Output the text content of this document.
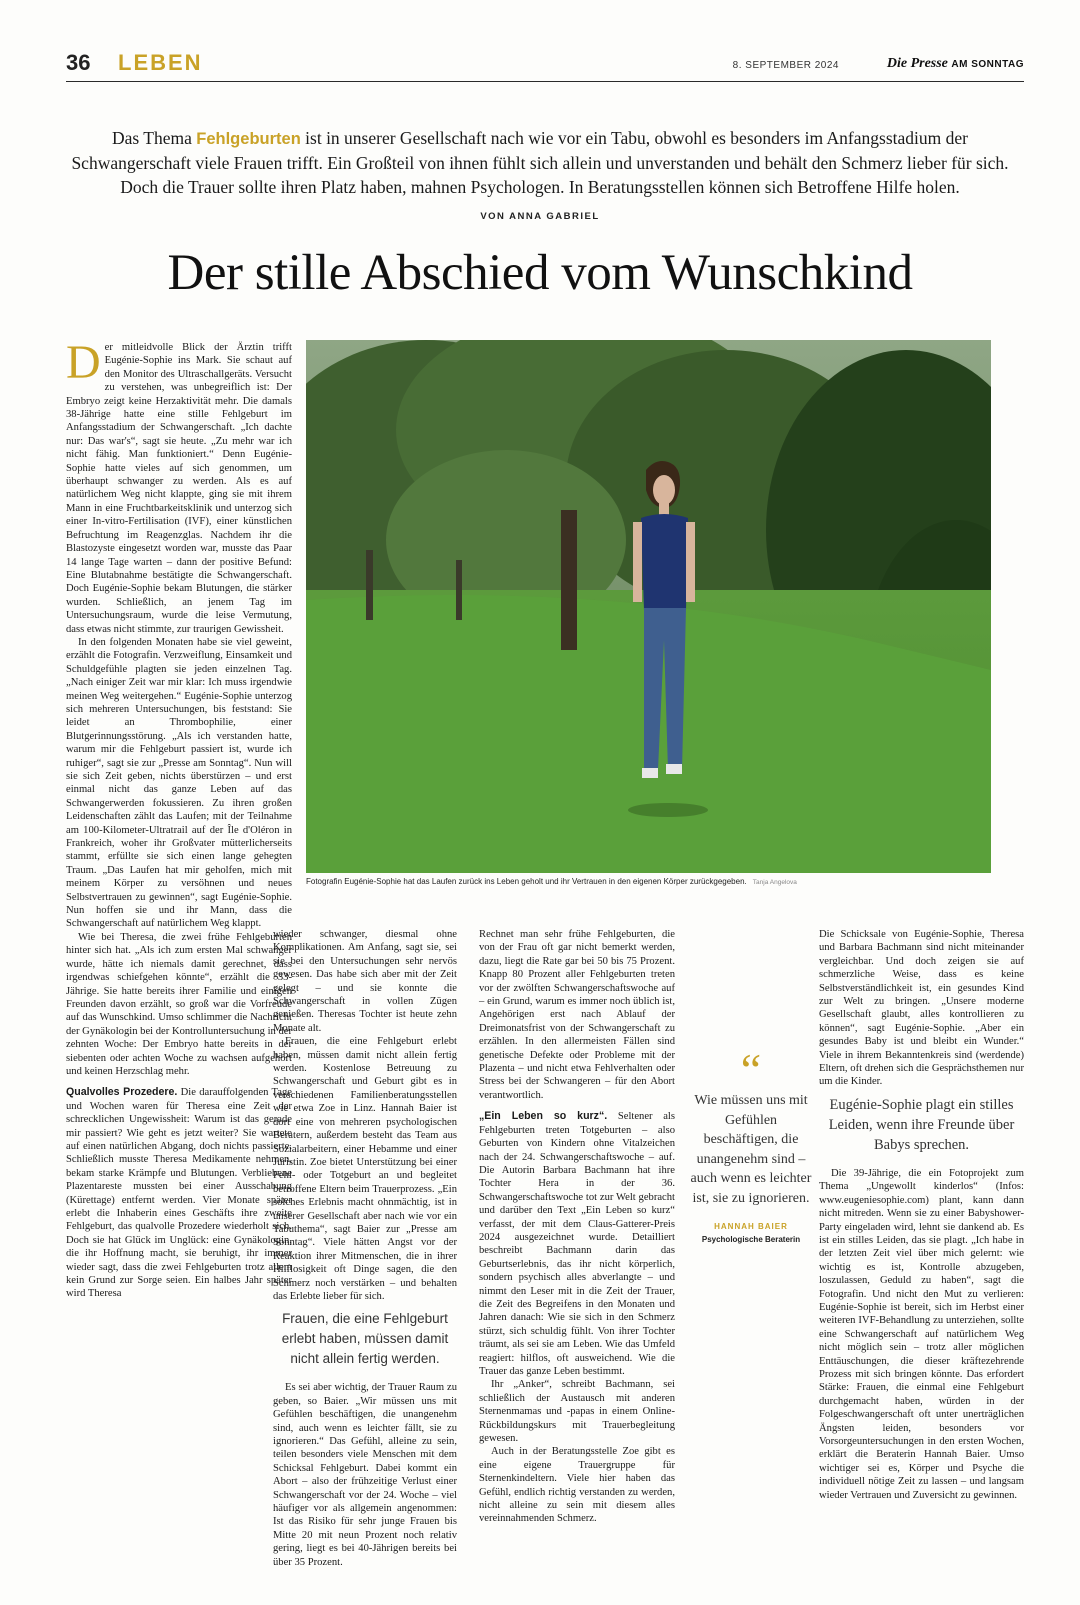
36 LEBEN	8. SEPTEMBER 2024	Die Presse AM SONNTAG
Das Thema Fehlgeburten ist in unserer Gesellschaft nach wie vor ein Tabu, obwohl es besonders im Anfangsstadium der Schwangerschaft viele Frauen trifft. Ein Großteil von ihnen fühlt sich allein und unverstanden und behält den Schmerz lieber für sich. Doch die Trauer sollte ihren Platz haben, mahnen Psychologen. In Beratungsstellen können sich Betroffene Hilfe holen.
VON ANNA GABRIEL
Der stille Abschied vom Wunschkind
Fotografin Eugénie-Sophie hat das Laufen zurück ins Leben geholt und ihr Vertrauen in den eigenen Körper zurückgegeben. Tanja Angelova

Der mitleidvolle Blick der Ärztin trifft Eugénie-Sophie ins Mark. Sie schaut auf den Monitor des Ultraschallgeräts. Versucht zu verstehen, was unbegreiflich ist: Der Embryo zeigt keine Herzaktivität mehr. Die damals 38-Jährige hatte eine stille Fehlgeburt im Anfangsstadium der Schwangerschaft. „Ich dachte nur: Das war's“, sagt sie heute. „Zu mehr war ich nicht fähig. Man funktioniert.“ Denn Eugénie-Sophie hatte vieles auf sich genommen, um überhaupt schwanger zu werden. Als es auf natürlichem Weg nicht klappte, ging sie mit ihrem Mann in eine Fruchtbarkeitsklinik und unterzog sich einer In-vitro-Fertilisation (IVF), einer künstlichen Befruchtung im Reagenzglas. Nachdem ihr die Blastozyste eingesetzt worden war, musste das Paar 14 lange Tage warten – dann der positive Befund: Eine Blutabnahme bestätigte die Schwangerschaft. Doch Eugénie-Sophie bekam Blutungen, die stärker wurden. Schließlich, an jenem Tag im Untersuchungsraum, wurde die leise Vermutung, dass etwas nicht stimmte, zur traurigen Gewissheit.

In den folgenden Monaten habe sie viel geweint, erzählt die Fotografin. Verzweiflung, Einsamkeit und Schuldgefühle plagten sie jeden einzelnen Tag. „Nach einiger Zeit war mir klar: Ich muss irgendwie meinen Weg weitergehen.“ Eugénie-Sophie unterzog sich mehreren Untersuchungen, bis feststand: Sie leidet an Thrombophilie, einer Blutgerinnungsstörung. „Als ich verstanden hatte, warum mir die Fehlgeburt passiert ist, wurde ich ruhiger“, sagt sie zur „Presse am Sonntag“. Nun will sie sich Zeit geben, nichts überstürzen – und erst einmal nicht das ganze Leben auf das Schwangerwerden fokussieren. Zu ihren großen Leidenschaften zählt das Laufen; mit der Teilnahme am 100-Kilometer-Ultratrail auf der Île d'Oléron in Frankreich, woher ihr Großvater mütterlicherseits stammt, erfüllte sie sich einen lange gehegten Traum. „Das Laufen hat mir geholfen, mich mit meinem Körper zu versöhnen und neues Selbstvertrauen zu gewinnen“, sagt Eugénie-Sophie. Nun hoffen sie und ihr Mann, dass die Schwangerschaft auf natürlichem Weg klappt.

Wie bei Theresa, die zwei frühe Fehlgeburten hinter sich hat. „Als ich zum ersten Mal schwanger wurde, hätte ich niemals damit gerechnet, dass irgendwas schiefgehen könnte“, erzählt die 33-Jährige. Sie hatte bereits ihrer Familie und einigen Freunden davon erzählt, so groß war die Vorfreude auf das Wunschkind. Umso schlimmer die Nachricht der Gynäkologin bei der Kontrolluntersuchung in der zehnten Woche: Der Embryo hatte bereits in der siebenten oder achten Woche zu wachsen aufgehört und keinen Herzschlag mehr.

Qualvolles Prozedere. Die darauffolgenden Tage und Wochen waren für Theresa eine Zeit der schrecklichen Ungewissheit: Warum ist das gerade mir passiert? Wie geht es jetzt weiter? Sie wartete auf einen natürlichen Abgang, doch nichts passierte. Schließlich musste Theresa Medikamente nehmen, bekam starke Krämpfe und Blutungen. Verbliebene Plazentareste mussten bei einer Ausschabung (Kürettage) entfernt werden. Vier Monate später erlebt die Inhaberin eines Geschäfts ihre zweite Fehlgeburt, das qualvolle Prozedere wiederholt sich. Doch sie hat Glück im Unglück: eine Gynäkologin, die ihr Hoffnung macht, sie beruhigt, ihr immer wieder sagt, dass die zwei Fehlgeburten trotz allem kein Grund zur Sorge seien. Ein halbes Jahr später wird Theresa

wieder schwanger, diesmal ohne Komplikationen. Am Anfang, sagt sie, sei sie bei den Untersuchungen sehr nervös gewesen. Das habe sich aber mit der Zeit gelegt – und sie konnte die Schwangerschaft in vollen Zügen genießen. Theresas Tochter ist heute zehn Monate alt.

Frauen, die eine Fehlgeburt erlebt haben, müssen damit nicht allein fertig werden. Kostenlose Betreuung zu Schwangerschaft und Geburt gibt es in verschiedenen Familienberatungsstellen wie etwa Zoe in Linz. Hannah Baier ist dort eine von mehreren psychologischen Beratern, außerdem besteht das Team aus Sozialarbeitern, einer Hebamme und einer Juristin. Zoe bietet Unterstützung bei einer Fehl- oder Totgeburt an und begleitet betroffene Eltern beim Trauerprozess. „Ein solches Erlebnis macht ohnmächtig, ist in unserer Gesellschaft aber nach wie vor ein Tabuthema“, sagt Baier zur „Presse am Sonntag“. Viele hätten Angst vor der Reaktion ihrer Mitmenschen, die in ihrer Hilflosigkeit oft Dinge sagen, die den Schmerz noch verstärken – und behalten das Erlebte lieber für sich.

Frauen, die eine Fehlgeburt erlebt haben, müssen damit nicht allein fertig werden.

Es sei aber wichtig, der Trauer Raum zu geben, so Baier. „Wir müssen uns mit Gefühlen beschäftigen, die unangenehm sind, auch wenn es leichter fällt, sie zu ignorieren.“ Das Gefühl, alleine zu sein, teilen besonders viele Menschen mit dem Schicksal Fehlgeburt. Dabei kommt ein Abort – also der frühzeitige Verlust einer Schwangerschaft vor der 24. Woche – viel häufiger vor als allgemein angenommen: Ist das Risiko für sehr junge Frauen bis Mitte 20 mit neun Prozent noch relativ gering, liegt es bei 40-Jährigen bereits bei über 35 Prozent.

Rechnet man sehr frühe Fehlgeburten, die von der Frau oft gar nicht bemerkt werden, dazu, liegt die Rate gar bei 50 bis 75 Prozent. Knapp 80 Prozent aller Fehlgeburten treten vor der zwölften Schwangerschaftswoche auf – ein Grund, warum es immer noch üblich ist, Angehörigen erst nach Ablauf der Dreimonatsfrist von der Schwangerschaft zu erzählen. In den allermeisten Fällen sind genetische Defekte oder Probleme mit der Plazenta – und nicht etwa Fehlverhalten oder Stress bei der Schwangeren – für den Abort verantwortlich.

„Ein Leben so kurz“. Seltener als Fehlgeburten treten Totgeburten – also Geburten von Kindern ohne Vitalzeichen nach der 24. Schwangerschaftswoche – auf. Die Autorin Barbara Bachmann hat ihre Tochter Hera in der 36. Schwangerschaftswoche tot zur Welt gebracht und darüber den Text „Ein Leben so kurz“ verfasst, der mit dem Claus-Gatterer-Preis 2024 ausgezeichnet wurde. Detailliert beschreibt Bachmann darin das Geburtserlebnis, das ihr nicht körperlich, sondern psychisch alles abverlangte – und nimmt den Leser mit in die Zeit der Trauer, die Zeit des Begreifens in den Monaten und Jahren danach: Wie sie sich in den Schmerz stürzt, sich schuldig fühlt. Von ihrer Tochter träumt, als sei sie am Leben. Wie das Umfeld reagiert: hilflos, oft ausweichend. Wie die Trauer das ganze Leben bestimmt.

Ihr „Anker“, schreibt Bachmann, sei schließlich der Austausch mit anderen Sternenmamas und -papas in einem Online-Rückbildungskurs mit Trauerbegleitung gewesen.

Auch in der Beratungsstelle Zoe gibt es eine eigene Trauergruppe für Sternenkindeltern. Viele hier haben das Gefühl, endlich richtig verstanden zu werden, nicht alleine zu sein mit diesem alles vereinnahmenden Schmerz.

“
Wie müssen uns mit Gefühlen beschäftigen, die unangenehm sind – auch wenn es leichter ist, sie zu ignorieren.
HANNAH BAIER
Psychologische Beraterin

Die Schicksale von Eugénie-Sophie, Theresa und Barbara Bachmann sind nicht miteinander vergleichbar. Und doch zeigen sie auf schmerzliche Weise, dass es keine Selbstverständlichkeit ist, ein gesundes Kind zur Welt zu bringen. „Unsere moderne Gesellschaft glaubt, alles kontrollieren zu können“, sagt Eugénie-Sophie. „Aber ein gesundes Baby ist und bleibt ein Wunder.“ Viele in ihrem Bekanntenkreis sind (werdende) Eltern, oft drehen sich die Gesprächsthemen nur um die Kinder.

Eugénie-Sophie plagt ein stilles Leiden, wenn ihre Freunde über Babys sprechen.

Die 39-Jährige, die ein Fotoprojekt zum Thema „Ungewollt kinderlos“ (Infos: www.eugeniesophie.com) plant, kann dann nicht mitreden. Wenn sie zu einer Babyshower-Party eingeladen wird, lehnt sie dankend ab. Es ist ein stilles Leiden, das sie plagt. „Ich habe in der letzten Zeit viel über mich gelernt: wie wichtig es ist, Kontrolle abzugeben, loszulassen, Geduld zu haben“, sagt die Fotografin. Und nicht den Mut zu verlieren: Eugénie-Sophie ist bereit, sich im Herbst einer weiteren IVF-Behandlung zu unterziehen, sollte eine Schwangerschaft auf natürlichem Weg nicht möglich sein – trotz aller möglichen Enttäuschungen, die dieser kräftezehrende Prozess mit sich bringen könnte. Das erfordert Stärke: Frauen, die einmal eine Fehlgeburt durchgemacht haben, würden in der Folgeschwangerschaft oft unter unerträglichen Ängsten leiden, besonders vor Vorsorgeuntersuchungen in den ersten Wochen, erklärt die Beraterin Hannah Baier. Umso wichtiger sei es, Körper und Psyche die individuell nötige Zeit zu lassen – und langsam wieder Vertrauen und Zuversicht zu gewinnen.
